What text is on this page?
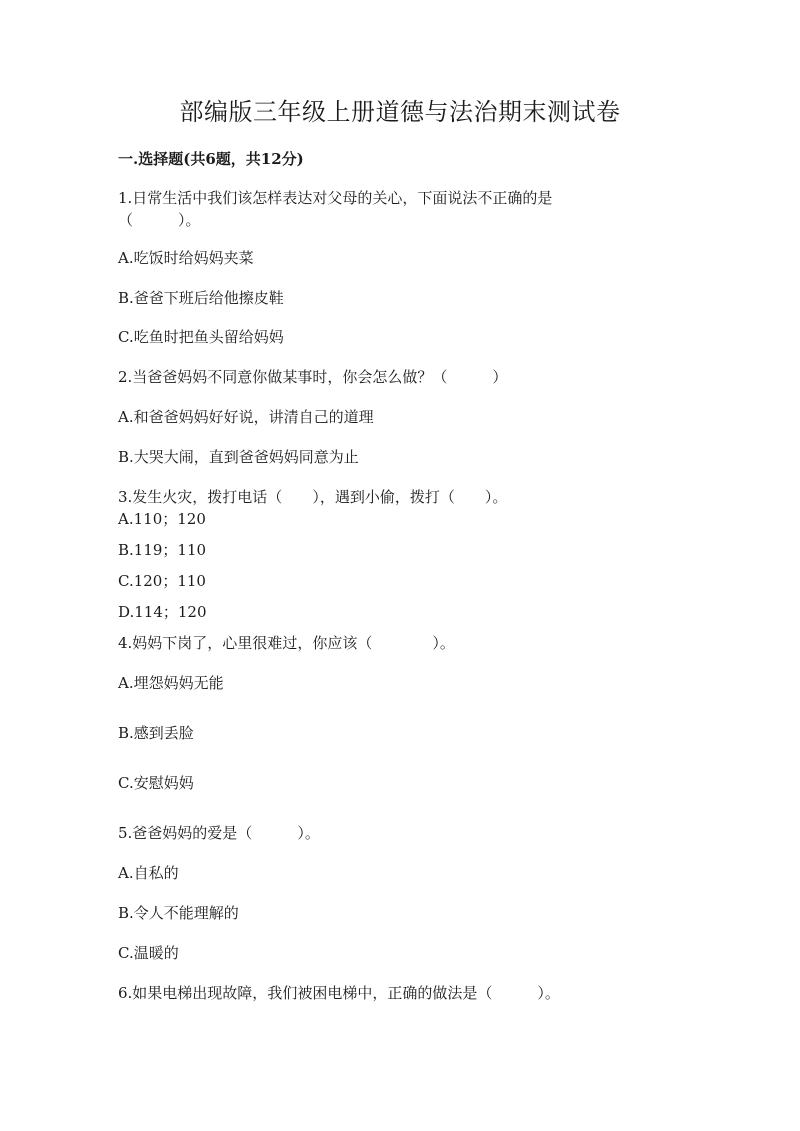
部编版三年级上册道德与法治期末测试卷
一.选择题(共6题，共12分)
1.日常生活中我们该怎样表达对父母的关心，下面说法不正确的是
（　　　）。
A.吃饭时给妈妈夹菜
B.爸爸下班后给他擦皮鞋
C.吃鱼时把鱼头留给妈妈
2.当爸爸妈妈不同意你做某事时，你会怎么做？（　　　）
A.和爸爸妈妈好好说，讲清自己的道理
B.大哭大闹，直到爸爸妈妈同意为止
3.发生火灾，拨打电话（　　），遇到小偷，拨打（　　）。
A.110；120
B.119；110
C.120；110
D.114；120
4.妈妈下岗了，心里很难过，你应该（　　　　）。
A.埋怨妈妈无能
B.感到丢脸
C.安慰妈妈
5.爸爸妈妈的爱是（　　　）。
A.自私的
B.令人不能理解的
C.温暖的
6.如果电梯出现故障，我们被困电梯中，正确的做法是（　　　）。
